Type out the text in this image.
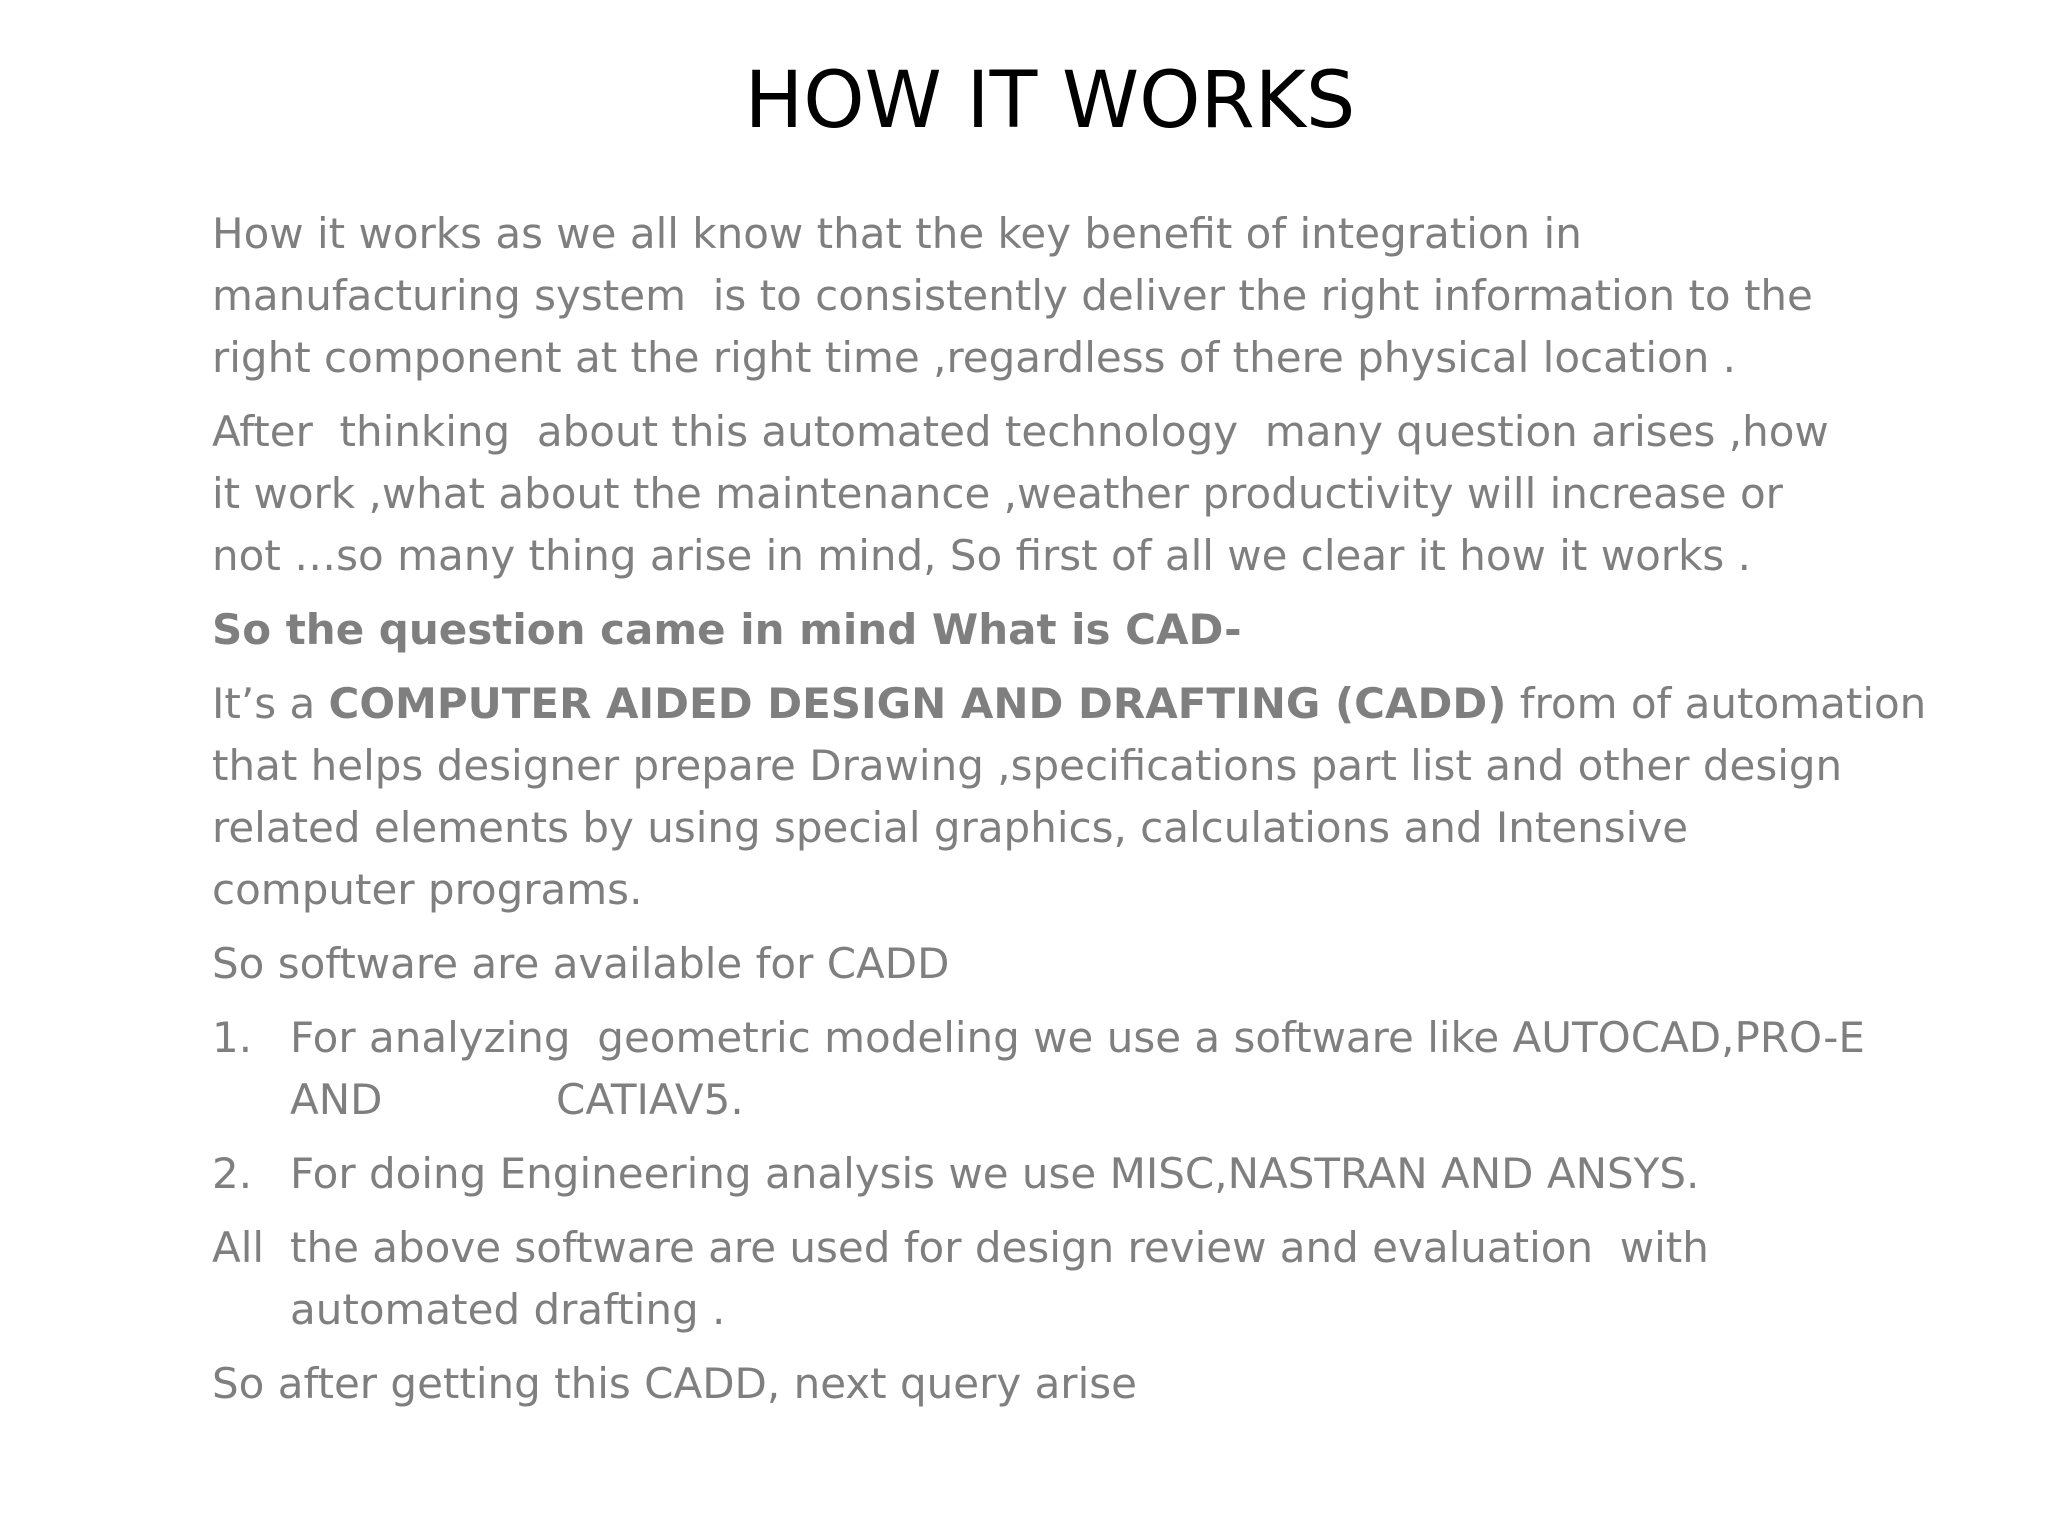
HOW IT WORKS
How it works as we all know that the key benefit of integration in
manufacturing system  is to consistently deliver the right information to the
right component at the right time ,regardless of there physical location .
After  thinking  about this automated technology  many question arises ,how
it work ,what about the maintenance ,weather productivity will increase or
not …so many thing arise in mind, So first of all we clear it how it works .
So the question came in mind What is CAD-
It’s a COMPUTER AIDED DESIGN AND DRAFTING (CADD) from of automation
that helps designer prepare Drawing ,specifications part list and other design
related elements by using special graphics, calculations and Intensive
computer programs.
So software are available for CADD
1. For analyzing  geometric modeling we use a software like AUTOCAD,PRO-E
AND             CATIAV5.
2. For doing Engineering analysis we use MISC,NASTRAN AND ANSYS.
All the above software are used for design review and evaluation  with
automated drafting .
So after getting this CADD, next query arise
